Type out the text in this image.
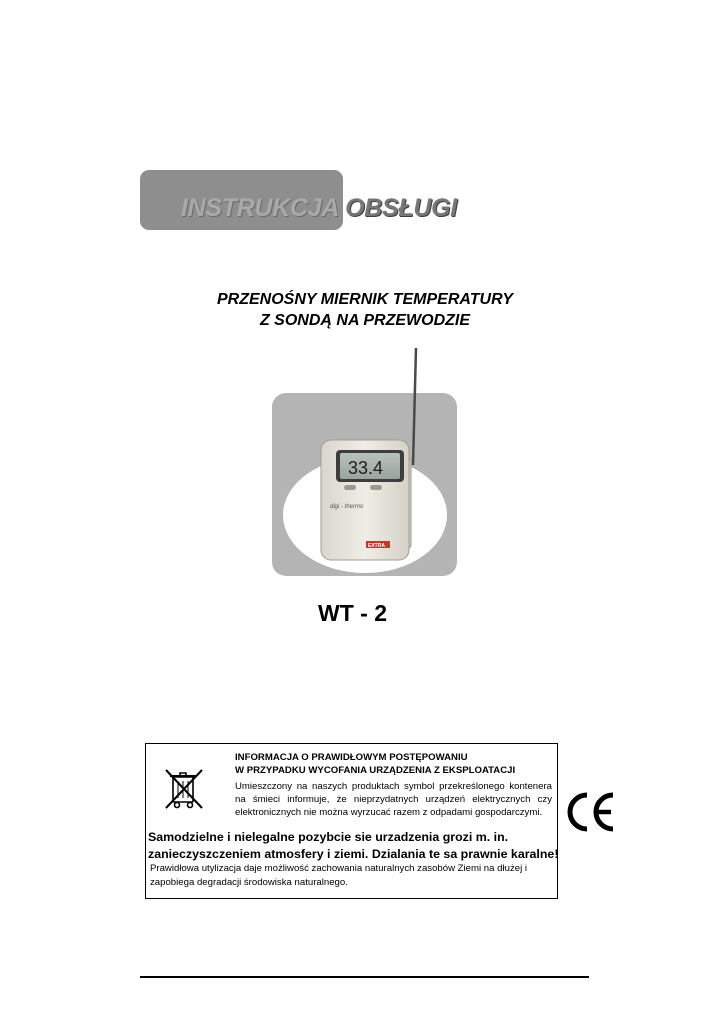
INSTRUKCJA OBSŁUGI
PRZENOŚNY MIERNIK TEMPERATURY
Z SONDĄ NA PRZEWODZIE
33.4
digi - thermo
EXTRA
WT - 2
INFORMACJA O PRAWIDŁOWYM POSTĘPOWANIU
W PRZYPADKU WYCOFANIA URZĄDZENIA Z EKSPLOATACJI
Umieszczony na naszych produktach symbol przekreślonego kontenera na śmieci informuje, że nieprzydatnych urządzeń elektrycznych czy elektronicznych nie można wyrzucać razem z odpadami gospodarczymi.
Samodzielne i nielegalne pozybcie sie urzadzenia grozi m. in.
zanieczyszczeniem atmosfery i ziemi. Dzialania te sa prawnie karalne!
Prawidłowa utylizacja daje możliwość zachowania naturalnych zasobów Ziemi na dłużej i zapobiega degradacji środowiska naturalnego.
